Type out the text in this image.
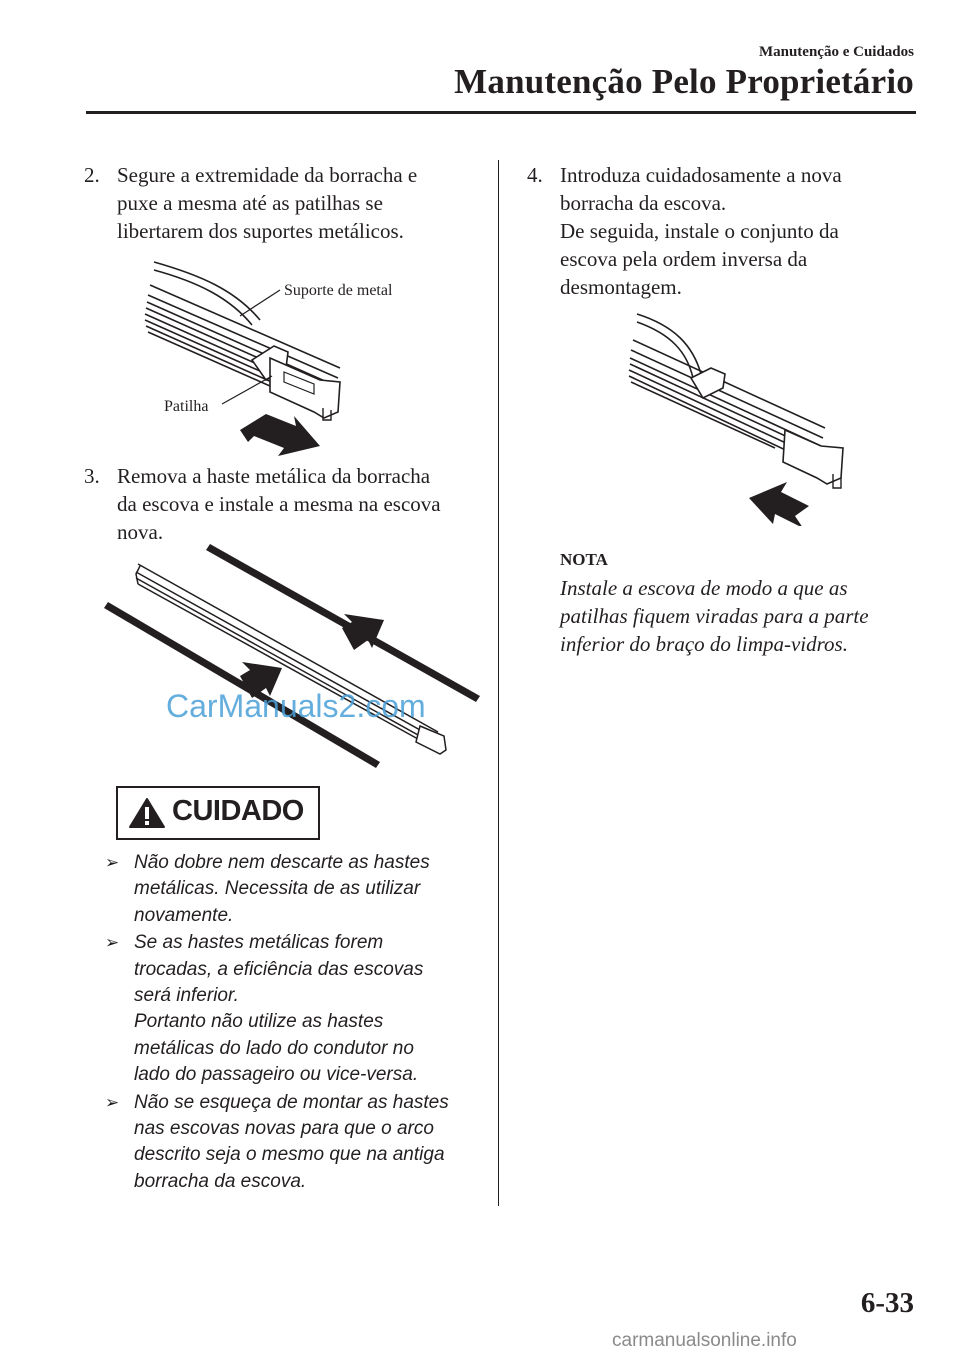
Manutenção e Cuidados
Manutenção Pelo Proprietário
2. Segure a extremidade da borracha e
puxe a mesma até as patilhas se
libertarem dos suportes metálicos.
Suporte de metal
Patilha
3. Remova a haste metálica da borracha
da escova e instale a mesma na escova
nova.
CarManuals2.com
CUIDADO
➢ Não dobre nem descarte as hastes
metálicas. Necessita de as utilizar
novamente.
➢ Se as hastes metálicas forem
trocadas, a eficiência das escovas
será inferior.
Portanto não utilize as hastes
metálicas do lado do condutor no
lado do passageiro ou vice-versa.
➢ Não se esqueça de montar as hastes
nas escovas novas para que o arco
descrito seja o mesmo que na antiga
borracha da escova.
4. Introduza cuidadosamente a nova
borracha da escova.
De seguida, instale o conjunto da
escova pela ordem inversa da
desmontagem.
NOTA
Instale a escova de modo a que as
patilhas fiquem viradas para a parte
inferior do braço do limpa-vidros.
6-33
carmanualsonline.info
